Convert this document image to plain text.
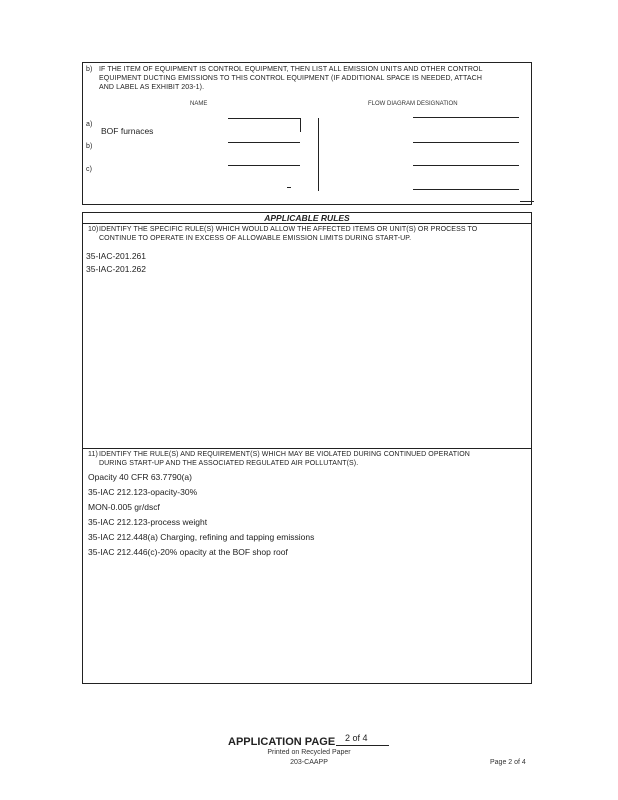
b) IF THE ITEM OF EQUIPMENT IS CONTROL EQUIPMENT, THEN LIST ALL EMISSION UNITS AND OTHER CONTROL
EQUIPMENT DUCTING EMISSIONS TO THIS CONTROL EQUIPMENT (IF ADDITIONAL SPACE IS NEEDED, ATTACH
AND LABEL AS EXHIBIT 203-1).
NAME	FLOW DIAGRAM DESIGNATION
a)
BOF furnaces
b)
c)
APPLICABLE RULES
10) IDENTIFY THE SPECIFIC RULE(S) WHICH WOULD ALLOW THE AFFECTED ITEMS OR UNIT(S) OR PROCESS TO
CONTINUE TO OPERATE IN EXCESS OF ALLOWABLE EMISSION LIMITS DURING START-UP.
35-IAC-201.261
35-IAC-201.262
11) IDENTIFY THE RULE(S) AND REQUIREMENT(S) WHICH MAY BE VIOLATED DURING CONTINUED OPERATION
DURING START-UP AND THE ASSOCIATED REGULATED AIR POLLUTANT(S).
Opacity 40 CFR 63.7790(a)
35-IAC 212.123-opacity-30%
MON-0.005 gr/dscf
35-IAC 212.123-process weight
35-IAC 212.448(a) Charging, refining and tapping emissions
35-IAC 212.446(c)-20% opacity at the BOF shop roof
APPLICATION PAGE 2 of 4
Printed on Recycled Paper
203-CAAPP	Page 2 of 4
